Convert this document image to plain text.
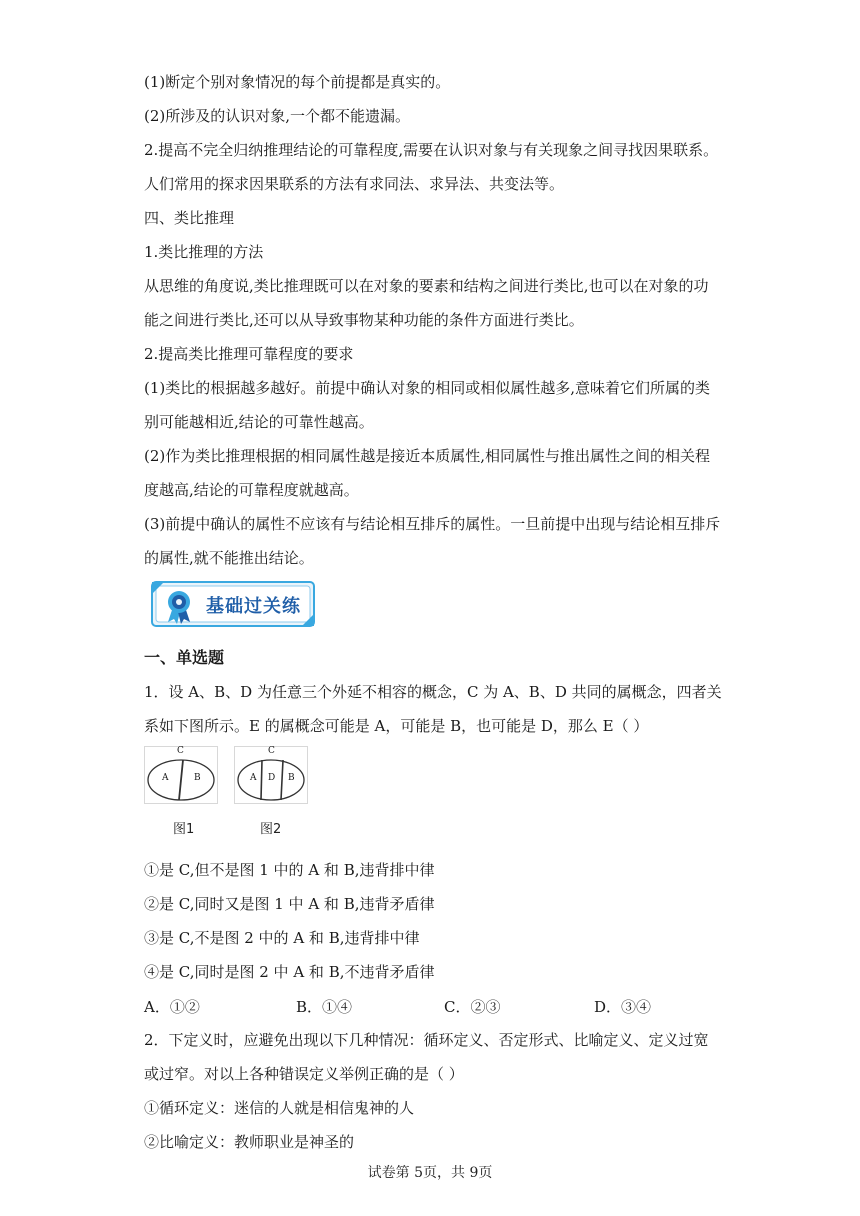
(1)断定个别对象情况的每个前提都是真实的。
(2)所涉及的认识对象,一个都不能遗漏。
2.提高不完全归纳推理结论的可靠程度,需要在认识对象与有关现象之间寻找因果联系。
人们常用的探求因果联系的方法有求同法、求异法、共变法等。
四、类比推理
1.类比推理的方法
从思维的角度说,类比推理既可以在对象的要素和结构之间进行类比,也可以在对象的功
能之间进行类比,还可以从导致事物某种功能的条件方面进行类比。
2.提高类比推理可靠程度的要求
(1)类比的根据越多越好。前提中确认对象的相同或相似属性越多,意味着它们所属的类
别可能越相近,结论的可靠性越高。
(2)作为类比推理根据的相同属性越是接近本质属性,相同属性与推出属性之间的相关程
度越高,结论的可靠程度就越高。
(3)前提中确认的属性不应该有与结论相互排斥的属性。一旦前提中出现与结论相互排斥
的属性,就不能推出结论。
基础过关练
一、单选题
1．设 A、B、D 为任意三个外延不相容的概念，C 为 A、B、D 共同的属概念，四者关
系如下图所示。E 的属概念可能是 A，可能是 B，也可能是 D，那么 E（ ）
C
A	B
图1
C
A D B
图2
①是 C,但不是图 1 中的 A 和 B,违背排中律
②是 C,同时又是图 1 中 A 和 B,违背矛盾律
③是 C,不是图 2 中的 A 和 B,违背排中律
④是 C,同时是图 2 中 A 和 B,不违背矛盾律
A．①②	B．①④	C．②③	D．③④
2．下定义时，应避免出现以下几种情况：循环定义、否定形式、比喻定义、定义过宽
或过窄。对以上各种错误定义举例正确的是（ ）
①循环定义：迷信的人就是相信鬼神的人
②比喻定义：教师职业是神圣的
试卷第 5页，共 9页
